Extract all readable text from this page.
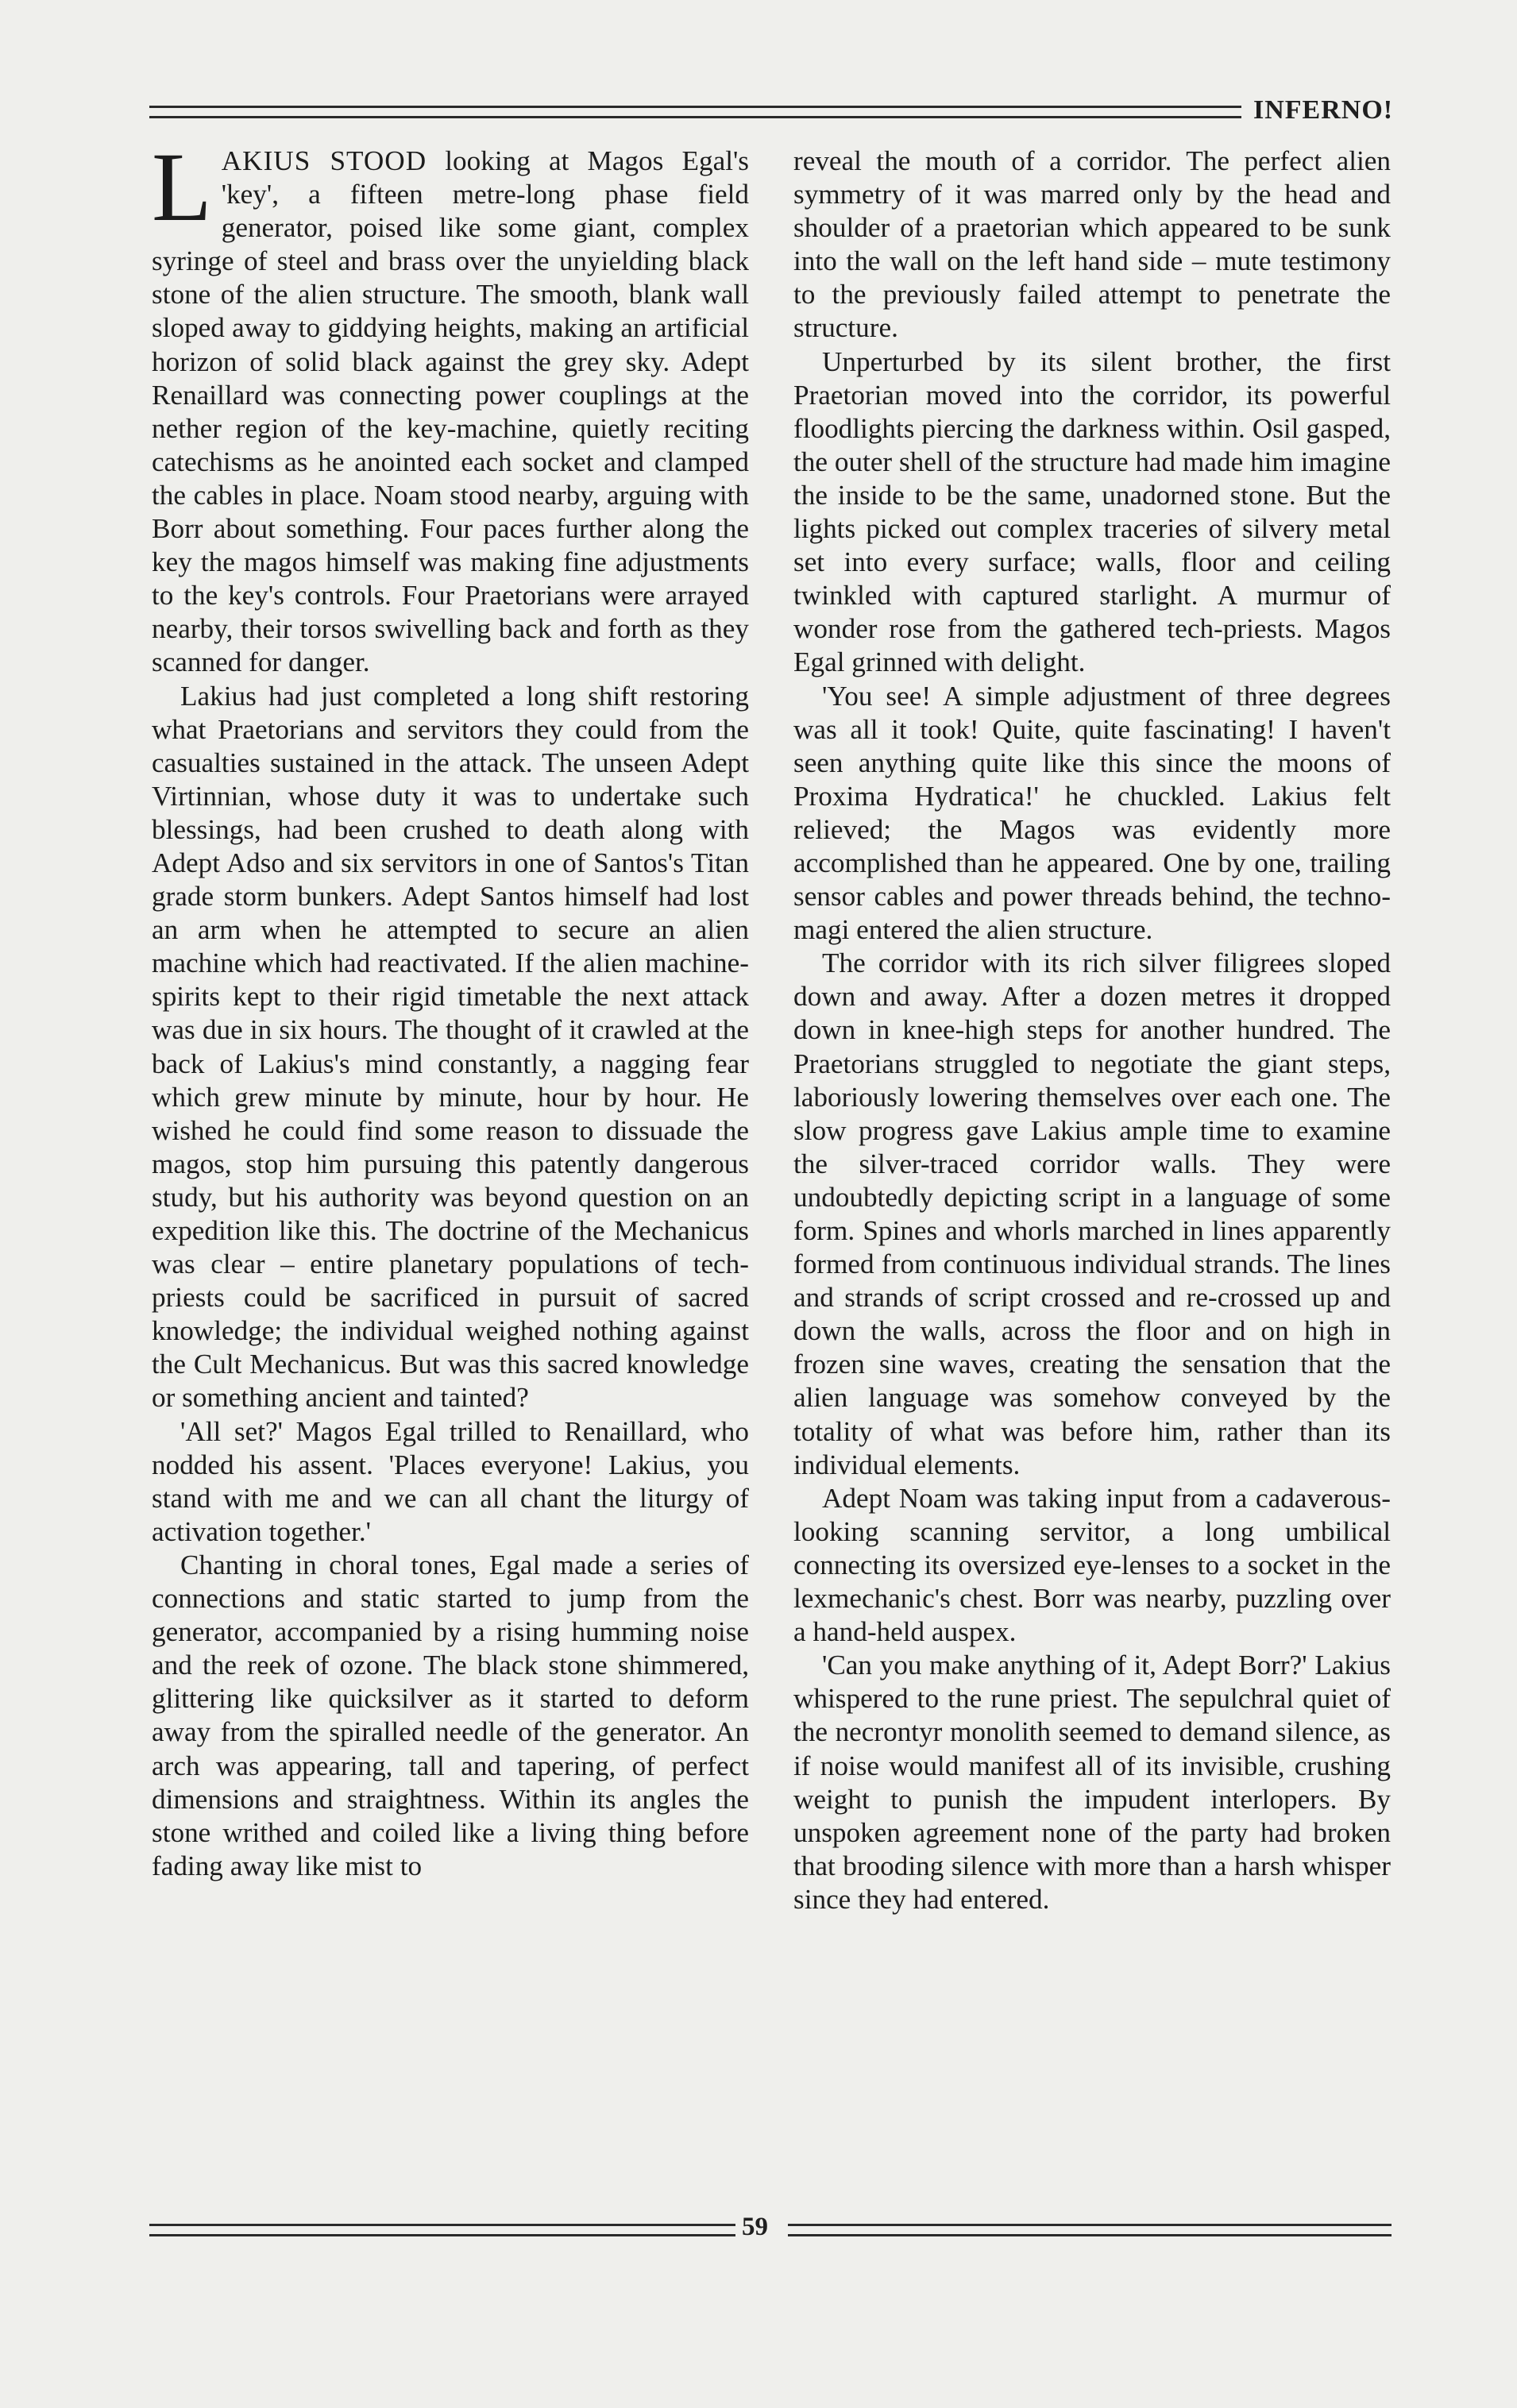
INFERNO!

LAKIUS STOOD looking at Magos Egal's 'key', a fifteen metre-long phase field generator, poised like some giant, complex syringe of steel and brass over the unyielding black stone of the alien structure. The smooth, blank wall sloped away to giddying heights, making an artificial horizon of solid black against the grey sky. Adept Renaillard was connecting power couplings at the nether region of the key-machine, quietly reciting catechisms as he anointed each socket and clamped the cables in place. Noam stood nearby, arguing with Borr about something. Four paces further along the key the magos himself was making fine adjustments to the key's controls. Four Praetorians were arrayed nearby, their torsos swivelling back and forth as they scanned for danger.

Lakius had just completed a long shift restoring what Praetorians and servitors they could from the casualties sustained in the attack. The unseen Adept Virtinnian, whose duty it was to undertake such blessings, had been crushed to death along with Adept Adso and six servitors in one of Santos's Titan grade storm bunkers. Adept Santos himself had lost an arm when he attempted to secure an alien machine which had reactivated. If the alien machine-spirits kept to their rigid timetable the next attack was due in six hours. The thought of it crawled at the back of Lakius's mind constantly, a nagging fear which grew minute by minute, hour by hour. He wished he could find some reason to dissuade the magos, stop him pursuing this patently dangerous study, but his authority was beyond question on an expedition like this. The doctrine of the Mechanicus was clear – entire planetary populations of tech-priests could be sacrificed in pursuit of sacred knowledge; the individual weighed nothing against the Cult Mechanicus. But was this sacred knowledge or something ancient and tainted?

'All set?' Magos Egal trilled to Renaillard, who nodded his assent. 'Places everyone! Lakius, you stand with me and we can all chant the liturgy of activation together.'

Chanting in choral tones, Egal made a series of connections and static started to jump from the generator, accompanied by a rising humming noise and the reek of ozone. The black stone shimmered, glittering like quicksilver as it started to deform away from the spiralled needle of the generator. An arch was appearing, tall and tapering, of perfect dimensions and straightness. Within its angles the stone writhed and coiled like a living thing before fading away like mist to

reveal the mouth of a corridor. The perfect alien symmetry of it was marred only by the head and shoulder of a praetorian which appeared to be sunk into the wall on the left hand side – mute testimony to the previously failed attempt to penetrate the structure.

Unperturbed by its silent brother, the first Praetorian moved into the corridor, its powerful floodlights piercing the darkness within. Osil gasped, the outer shell of the structure had made him imagine the inside to be the same, unadorned stone. But the lights picked out complex traceries of silvery metal set into every surface; walls, floor and ceiling twinkled with captured starlight. A murmur of wonder rose from the gathered tech-priests. Magos Egal grinned with delight.

'You see! A simple adjustment of three degrees was all it took! Quite, quite fascinating! I haven't seen anything quite like this since the moons of Proxima Hydratica!' he chuckled. Lakius felt relieved; the Magos was evidently more accomplished than he appeared. One by one, trailing sensor cables and power threads behind, the techno-magi entered the alien structure.

The corridor with its rich silver filigrees sloped down and away. After a dozen metres it dropped down in knee-high steps for another hundred. The Praetorians struggled to negotiate the giant steps, laboriously lowering themselves over each one. The slow progress gave Lakius ample time to examine the silver-traced corridor walls. They were undoubtedly depicting script in a language of some form. Spines and whorls marched in lines apparently formed from continuous individual strands. The lines and strands of script crossed and re-crossed up and down the walls, across the floor and on high in frozen sine waves, creating the sensation that the alien language was somehow conveyed by the totality of what was before him, rather than its individual elements.

Adept Noam was taking input from a cadaverous-looking scanning servitor, a long umbilical connecting its oversized eye-lenses to a socket in the lexmechanic's chest. Borr was nearby, puzzling over a hand-held auspex.

'Can you make anything of it, Adept Borr?' Lakius whispered to the rune priest. The sepulchral quiet of the necrontyr monolith seemed to demand silence, as if noise would manifest all of its invisible, crushing weight to punish the impudent interlopers. By unspoken agreement none of the party had broken that brooding silence with more than a harsh whisper since they had entered.

59
